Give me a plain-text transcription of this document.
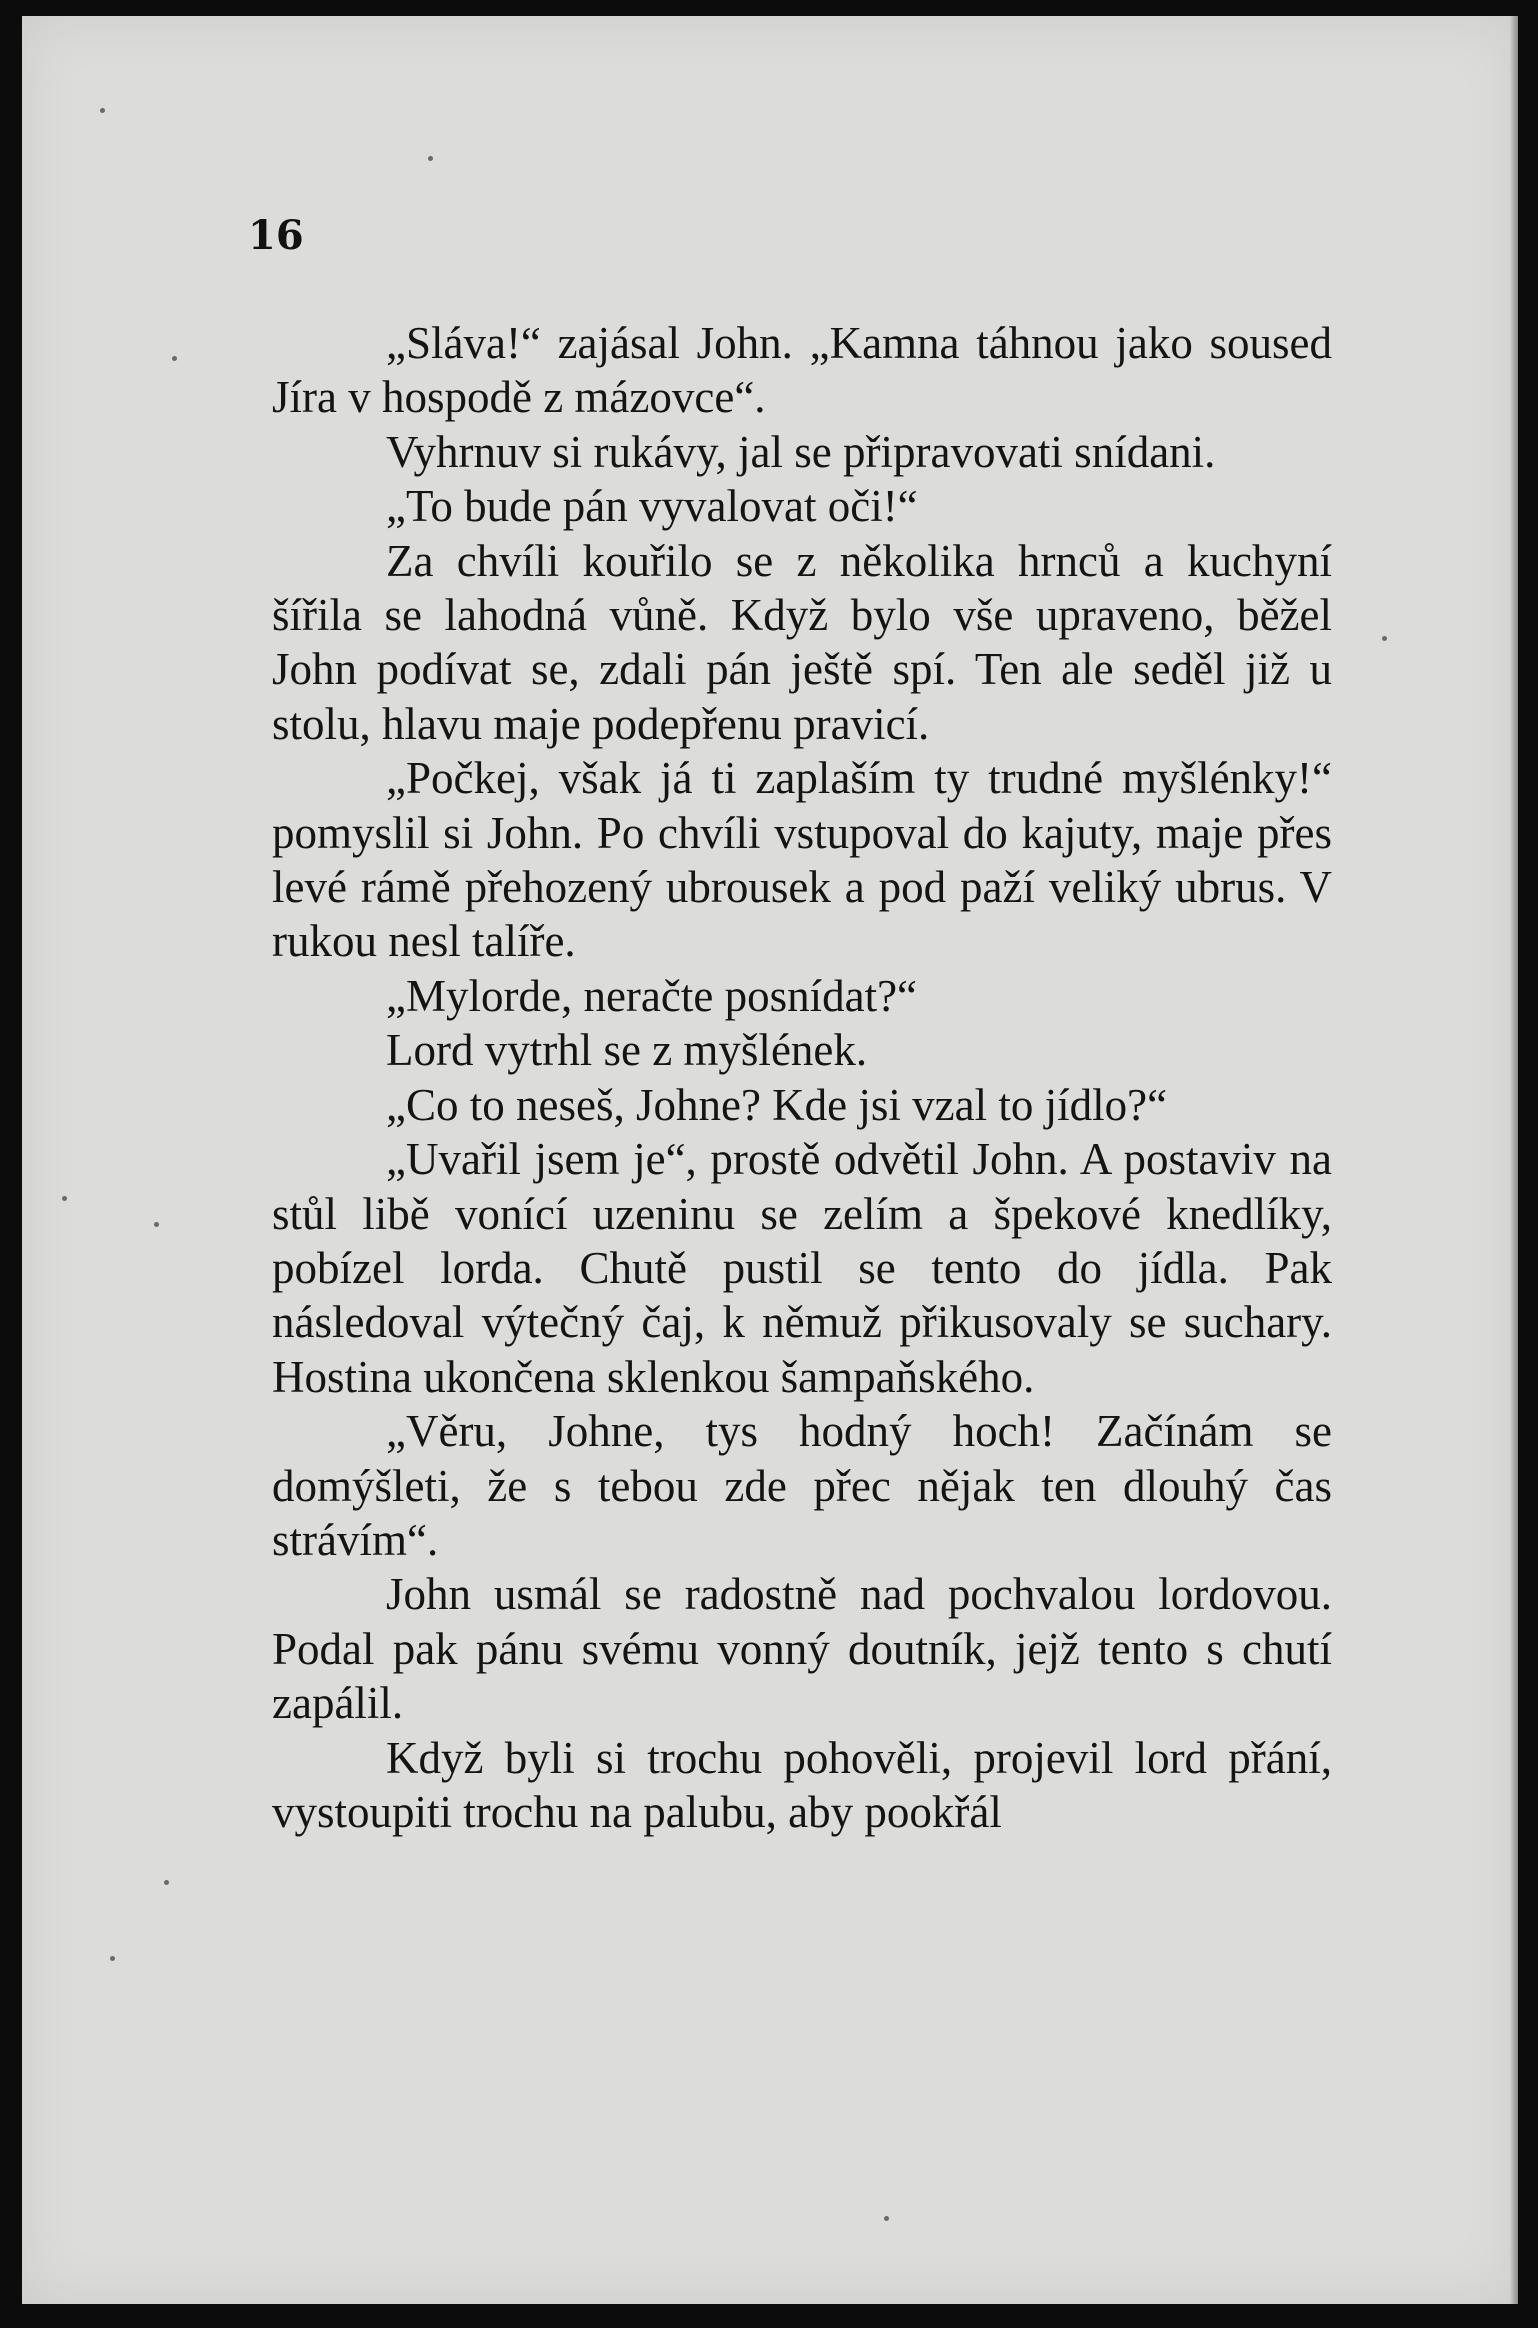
16

„Sláva!“ zajásal John. „Kamna táhnou jako soused Jíra v hospodě z mázovce“.

Vyhrnuv si rukávy, jal se připravovati snídani.

„To bude pán vyvalovat oči!“

Za chvíli kouřilo se z několika hrnců a kuchyní šířila se lahodná vůně. Když bylo vše upraveno, běžel John podívat se, zdali pán ještě spí. Ten ale seděl již u stolu, hlavu maje podepřenu pravicí.

„Počkej, však já ti zaplaším ty trudné myšlénky!“ pomyslil si John. Po chvíli vstupoval do kajuty, maje přes levé rámě přehozený ubrousek a pod paží veliký ubrus. V rukou nesl talíře.

„Mylorde, neračte posnídat?“

Lord vytrhl se z myšlének.

„Co to neseš, Johne? Kde jsi vzal to jídlo?“

„Uvařil jsem je“, prostě odvětil John. A postaviv na stůl libě vonící uzeninu se zelím a špekové knedlíky, pobízel lorda. Chutě pustil se tento do jídla. Pak následoval výtečný čaj, k němuž přikusovaly se suchary. Hostina ukončena sklenkou šampaňského.

„Věru, Johne, tys hodný hoch! Začínám se domýšleti, že s tebou zde přec nějak ten dlouhý čas strávím“.

John usmál se radostně nad pochvalou lordovou. Podal pak pánu svému vonný doutník, jejž tento s chutí zapálil.

Když byli si trochu pohověli, projevil lord přání, vystoupiti trochu na palubu, aby pookřál
